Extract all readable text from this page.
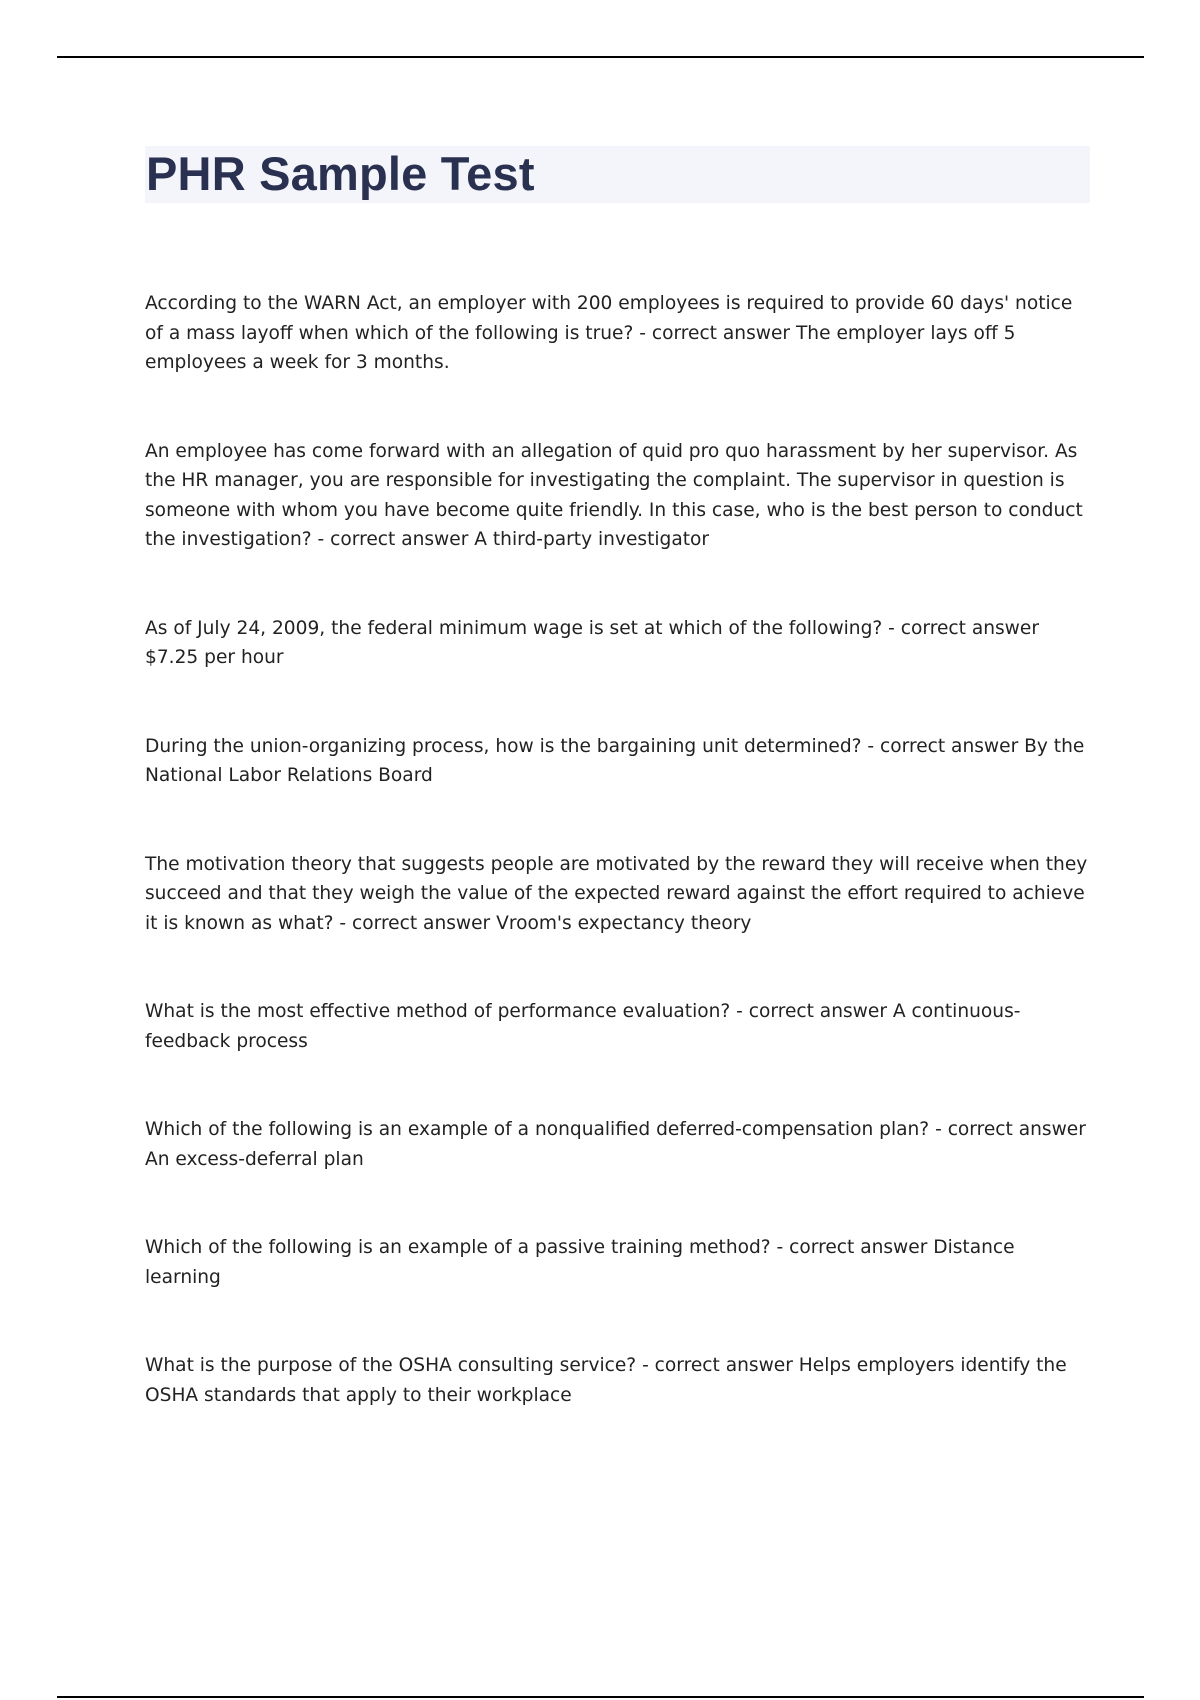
PHR Sample Test
According to the WARN Act, an employer with 200 employees is required to provide 60 days' notice of a mass layoff when which of the following is true? - correct answer The employer lays off 5 employees a week for 3 months.
An employee has come forward with an allegation of quid pro quo harassment by her supervisor. As the HR manager, you are responsible for investigating the complaint. The supervisor in question is someone with whom you have become quite friendly. In this case, who is the best person to conduct the investigation? - correct answer A third-party investigator
As of July 24, 2009, the federal minimum wage is set at which of the following? - correct answer $7.25 per hour
During the union-organizing process, how is the bargaining unit determined? - correct answer By the National Labor Relations Board
The motivation theory that suggests people are motivated by the reward they will receive when they succeed and that they weigh the value of the expected reward against the effort required to achieve it is known as what? - correct answer Vroom's expectancy theory
What is the most effective method of performance evaluation? - correct answer A continuous-feedback process
Which of the following is an example of a nonqualified deferred-compensation plan? - correct answer An excess-deferral plan
Which of the following is an example of a passive training method? - correct answer Distance learning
What is the purpose of the OSHA consulting service? - correct answer Helps employers identify the OSHA standards that apply to their workplace
